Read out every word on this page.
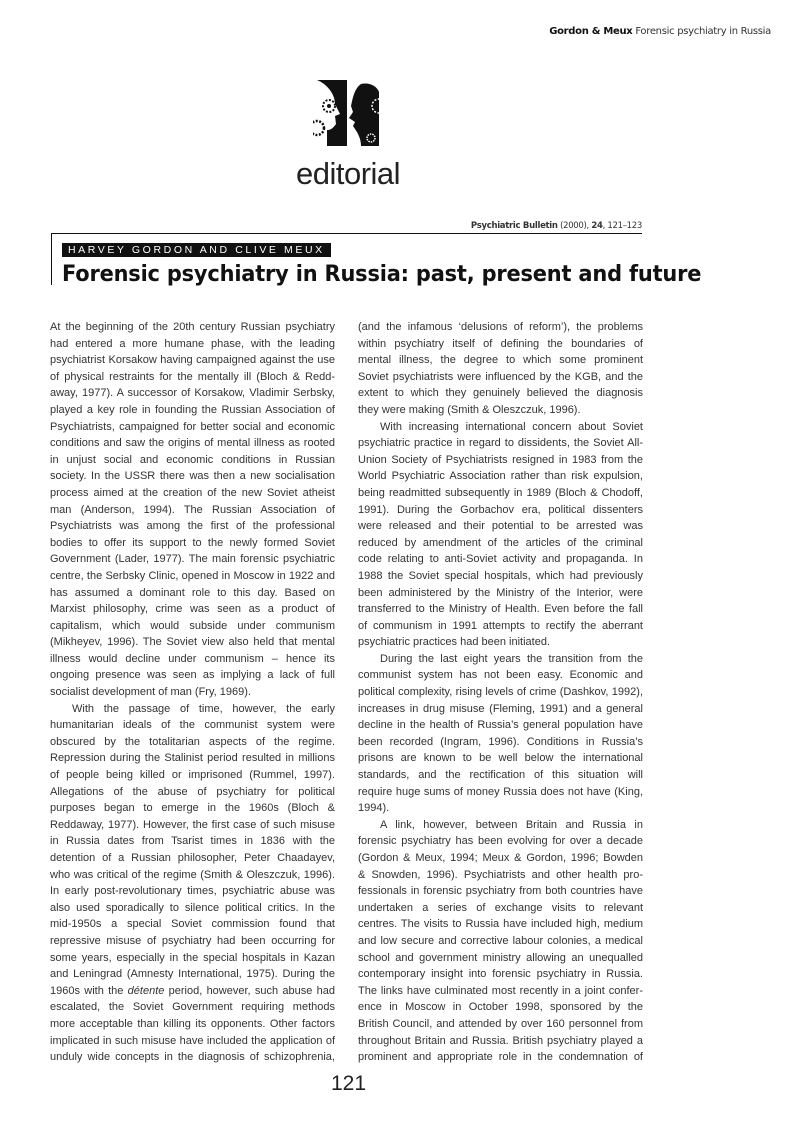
Gordon & Meux Forensic psychiatry in Russia
editorial
Psychiatric Bulletin (2000), 24, 121–123
HARVEY GORDON AND CLIVE MEUX
Forensic psychiatry in Russia: past, present and future
At the beginning of the 20th century Russian psychiatry
had entered a more humane phase, with the leading
psychiatrist Korsakow having campaigned against the use
of physical restraints for the mentally ill (Bloch & Redd-
away, 1977). A successor of Korsakow, Vladimir Serbsky,
played a key role in founding the Russian Association of
Psychiatrists, campaigned for better social and economic
conditions and saw the origins of mental illness as rooted
in unjust social and economic conditions in Russian
society. In the USSR there was then a new socialisation
process aimed at the creation of the new Soviet atheist
man (Anderson, 1994). The Russian Association of
Psychiatrists was among the first of the professional
bodies to offer its support to the newly formed Soviet
Government (Lader, 1977). The main forensic psychiatric
centre, the Serbsky Clinic, opened in Moscow in 1922 and
has assumed a dominant role to this day. Based on
Marxist philosophy, crime was seen as a product of
capitalism, which would subside under communism
(Mikheyev, 1996). The Soviet view also held that mental
illness would decline under communism – hence its
ongoing presence was seen as implying a lack of full
socialist development of man (Fry, 1969).
With the passage of time, however, the early
humanitarian ideals of the communist system were
obscured by the totalitarian aspects of the regime.
Repression during the Stalinist period resulted in millions
of people being killed or imprisoned (Rummel, 1997).
Allegations of the abuse of psychiatry for political
purposes began to emerge in the 1960s (Bloch &
Reddaway, 1977). However, the first case of such misuse
in Russia dates from Tsarist times in 1836 with the
detention of a Russian philosopher, Peter Chaadayev,
who was critical of the regime (Smith & Oleszczuk, 1996).
In early post-revolutionary times, psychiatric abuse was
also used sporadically to silence political critics. In the
mid-1950s a special Soviet commission found that
repressive misuse of psychiatry had been occurring for
some years, especially in the special hospitals in Kazan
and Leningrad (Amnesty International, 1975). During the
1960s with the détente period, however, such abuse had
escalated, the Soviet Government requiring methods
more acceptable than killing its opponents. Other factors
implicated in such misuse have included the application of
unduly wide concepts in the diagnosis of schizophrenia,
(and the infamous ‘delusions of reform’), the problems
within psychiatry itself of defining the boundaries of
mental illness, the degree to which some prominent
Soviet psychiatrists were influenced by the KGB, and the
extent to which they genuinely believed the diagnosis
they were making (Smith & Oleszczuk, 1996).
With increasing international concern about Soviet
psychiatric practice in regard to dissidents, the Soviet All-
Union Society of Psychiatrists resigned in 1983 from the
World Psychiatric Association rather than risk expulsion,
being readmitted subsequently in 1989 (Bloch & Chodoff,
1991). During the Gorbachov era, political dissenters
were released and their potential to be arrested was
reduced by amendment of the articles of the criminal
code relating to anti-Soviet activity and propaganda. In
1988 the Soviet special hospitals, which had previously
been administered by the Ministry of the Interior, were
transferred to the Ministry of Health. Even before the fall
of communism in 1991 attempts to rectify the aberrant
psychiatric practices had been initiated.
During the last eight years the transition from the
communist system has not been easy. Economic and
political complexity, rising levels of crime (Dashkov, 1992),
increases in drug misuse (Fleming, 1991) and a general
decline in the health of Russia’s general population have
been recorded (Ingram, 1996). Conditions in Russia’s
prisons are known to be well below the international
standards, and the rectification of this situation will
require huge sums of money Russia does not have (King,
1994).
A link, however, between Britain and Russia in
forensic psychiatry has been evolving for over a decade
(Gordon & Meux, 1994; Meux & Gordon, 1996; Bowden
& Snowden, 1996). Psychiatrists and other health pro-
fessionals in forensic psychiatry from both countries have
undertaken a series of exchange visits to relevant
centres. The visits to Russia have included high, medium
and low secure and corrective labour colonies, a medical
school and government ministry allowing an unequalled
contemporary insight into forensic psychiatry in Russia.
The links have culminated most recently in a joint confer-
ence in Moscow in October 1998, sponsored by the
British Council, and attended by over 160 personnel from
throughout Britain and Russia. British psychiatry played a
prominent and appropriate role in the condemnation of
121
